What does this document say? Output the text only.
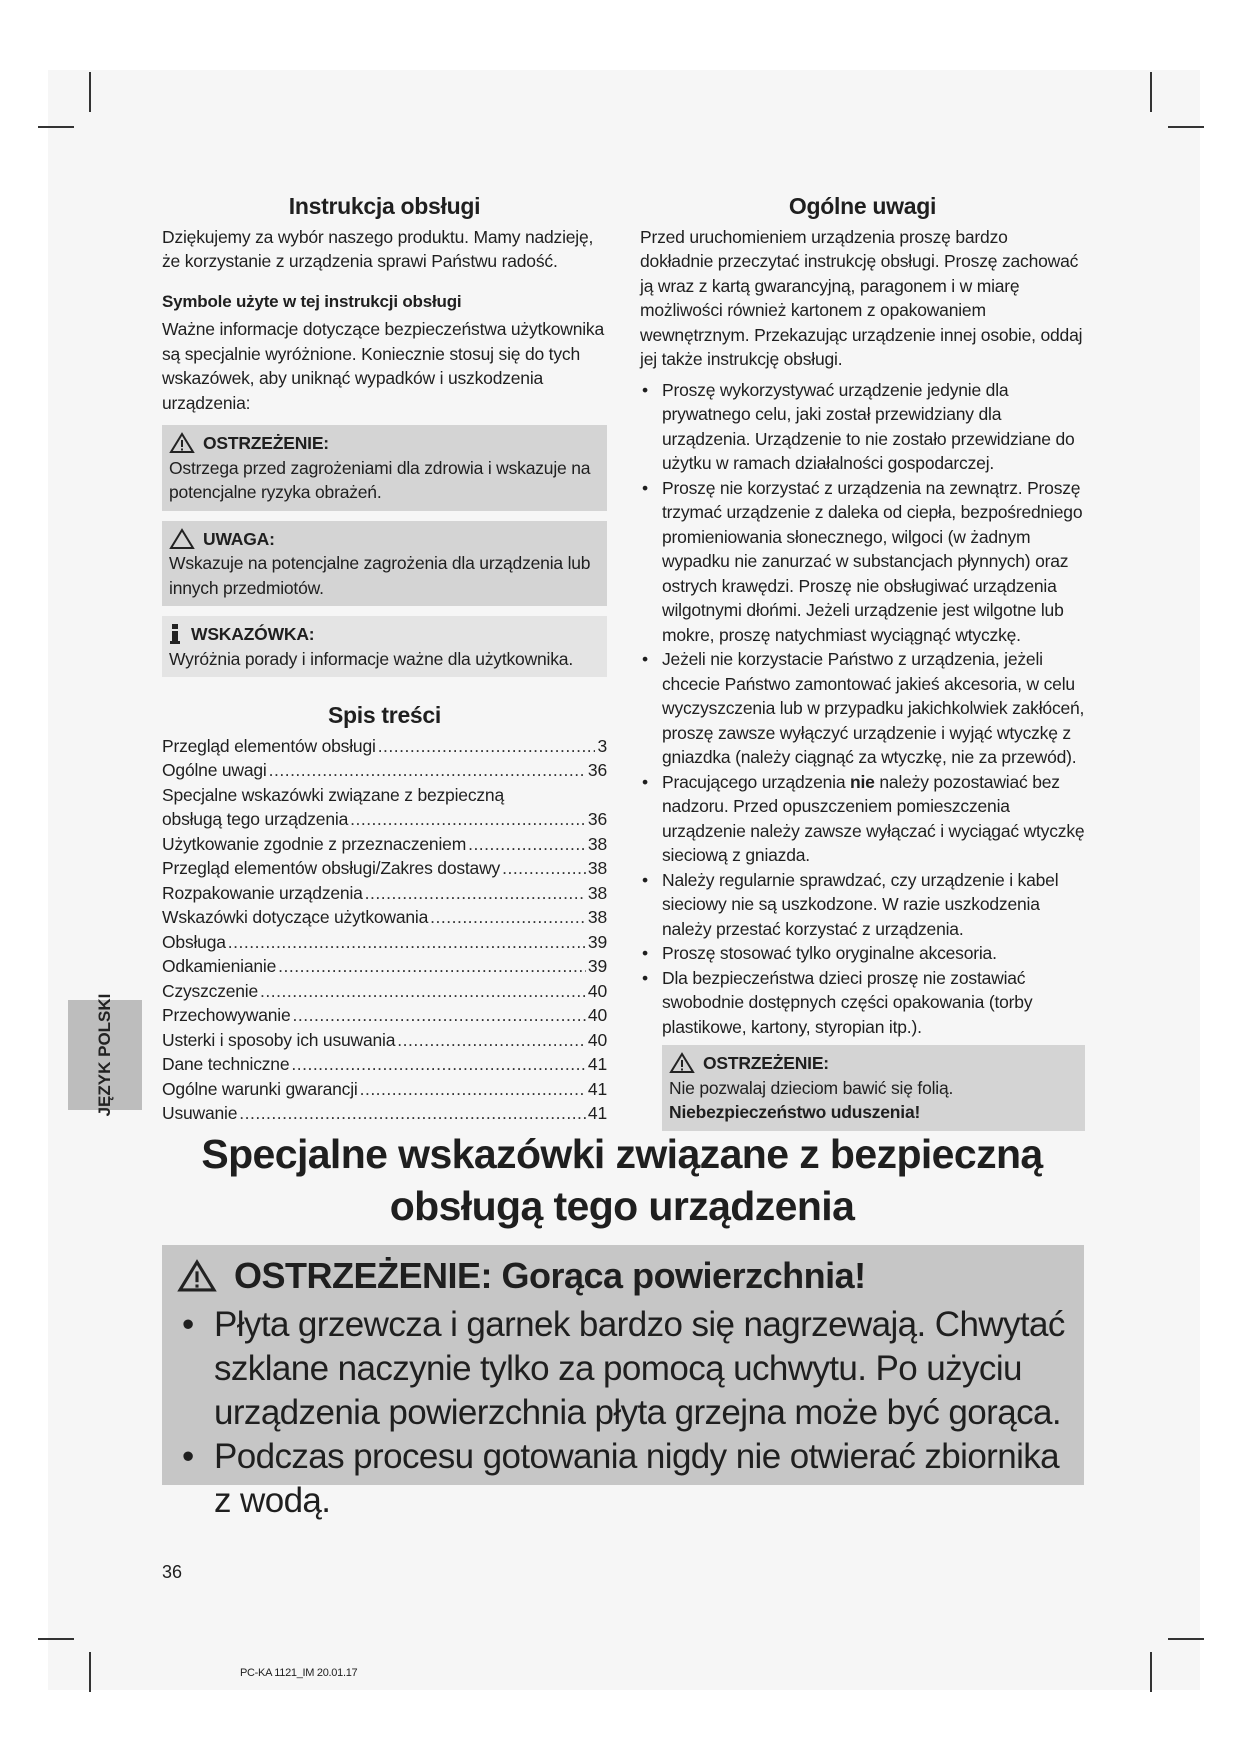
Instrukcja obsługi

Dziękujemy za wybór naszego produktu. Mamy nadzieję, że korzystanie z urządzenia sprawi Państwu radość.

Symbole użyte w tej instrukcji obsługi

Ważne informacje dotyczące bezpieczeństwa użytkownika są specjalnie wyróżnione. Koniecznie stosuj się do tych wskazówek, aby uniknąć wypadków i uszkodzenia urządzenia:

OSTRZEŻENIE:

Ostrzega przed zagrożeniami dla zdrowia i wskazuje na potencjalne ryzyka obrażeń.

UWAGA:

Wskazuje na potencjalne zagrożenia dla urządzenia lub innych przedmiotów.

WSKAZÓWKA:

Wyróżnia porady i informacje ważne dla użytkownika.

Spis treści
Przegląd elementów obsługi .....	3
Ogólne uwagi .....	36
Specjalne wskazówki związane z bezpieczną
obsługą tego urządzenia .....	36
Użytkowanie zgodnie z przeznaczeniem .....	38
Przegląd elementów obsługi/Zakres dostawy .....	38
Rozpakowanie urządzenia .....	38
Wskazówki dotyczące użytkowania .....	38
Obsługa .....	39
Odkamienianie .....	39
Czyszczenie .....	40
Przechowywanie .....	40
Usterki i sposoby ich usuwania .....	40
Dane techniczne .....	41
Ogólne warunki gwarancji .....	41
Usuwanie .....	41
Ogólne uwagi

Przed uruchomieniem urządzenia proszę bardzo dokładnie przeczytać instrukcję obsługi. Proszę zachować ją wraz z kartą gwarancyjną, paragonem i w miarę możliwości również kartonem z opakowaniem wewnętrznym. Przekazując urządzenie innej osobie, oddaj jej także instrukcję obsługi.

• Proszę wykorzystywać urządzenie jedynie dla prywatnego celu, jaki został przewidziany dla urządzenia. Urządzenie to nie zostało przewidziane do użytku w ramach działalności gospodarczej.
• Proszę nie korzystać z urządzenia na zewnątrz. Proszę trzymać urządzenie z daleka od ciepła, bezpośredniego promieniowania słonecznego, wilgoci (w żadnym wypadku nie zanurzać w substancjach płynnych) oraz ostrych krawędzi. Proszę nie obsługiwać urządzenia wilgotnymi dłońmi. Jeżeli urządzenie jest wilgotne lub mokre, proszę natychmiast wyciągnąć wtyczkę.
• Jeżeli nie korzystacie Państwo z urządzenia, jeżeli chcecie Państwo zamontować jakieś akcesoria, w celu wyczyszczenia lub w przypadku jakichkolwiek zakłóceń, proszę zawsze wyłączyć urządzenie i wyjąć wtyczkę z gniazdka (należy ciągnąć za wtyczkę, nie za przewód).
• Pracującego urządzenia nie należy pozostawiać bez nadzoru. Przed opuszczeniem pomieszczenia urządzenie należy zawsze wyłączać i wyciągać wtyczkę sieciową z gniazda.
• Należy regularnie sprawdzać, czy urządzenie i kabel sieciowy nie są uszkodzone. W razie uszkodzenia należy przestać korzystać z urządzenia.
• Proszę stosować tylko oryginalne akcesoria.
• Dla bezpieczeństwa dzieci proszę nie zostawiać swobodnie dostępnych części opakowania (torby plastikowe, kartony, styropian itp.).
OSTRZEŻENIE:

Nie pozwalaj dzieciom bawić się folią. Niebezpieczeństwo uduszenia!

JĘZYK POLSKI
Specjalne wskazówki związane z bezpieczną
obsługą tego urządzenia
OSTRZEŻENIE: Gorąca powierzchnia!
• Płyta grzewcza i garnek bardzo się nagrzewają. Chwytać szklane naczynie tylko za pomocą uchwytu. Po użyciu urządzenia powierzchnia płyta grzejna może być gorąca.
• Podczas procesu gotowania nigdy nie otwierać zbiornika z wodą.
36
PC-KA 1121_IM 20.01.17
